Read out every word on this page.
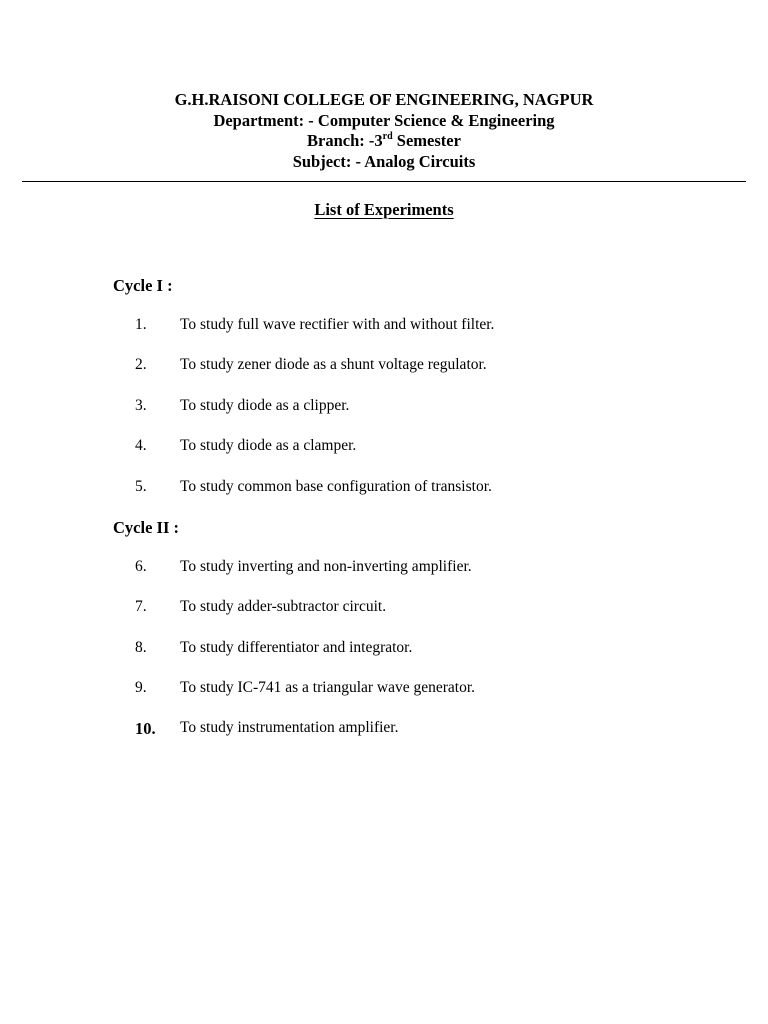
G.H.RAISONI COLLEGE OF ENGINEERING, NAGPUR
Department: - Computer Science & Engineering
Branch: -3rd Semester
Subject: - Analog Circuits
List of Experiments
Cycle I :
1. To study full wave rectifier with and without filter.
2. To study zener diode as a shunt voltage regulator.
3. To study diode as a clipper.
4. To study diode as a clamper.
5. To study common base configuration of transistor.
Cycle II :
6. To study inverting and non-inverting amplifier.
7. To study adder-subtractor circuit.
8. To study differentiator and integrator.
9. To study IC-741 as a triangular wave generator.
10. To study instrumentation amplifier.
